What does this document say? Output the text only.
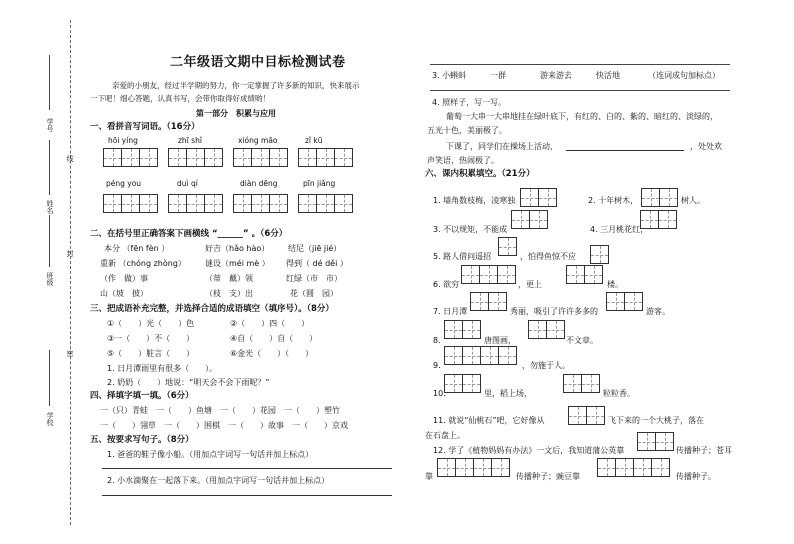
学号
线
姓名
封
班级
密
学校
二年级语文期中目标检测试卷
亲爱的小朋友，经过半学期的努力，你一定掌握了许多新的知识，快来展示
一下吧！细心答题，认真书写，会带你取得好成绩哟！
第一部分　积累与应用
一、看拼音写词语。（16分）
hōi yíng	zhī shǐ	xióng māo	zǐ kū
péng you	duì qí	diàn dēng	pīn jiǎng
二、在括号里正确答案下画横线 “______” 。（6分）
本分 （fēn fèn ）	好吉（hǎo hào） 结尼（jiē jié）
重新 （chóng zhòng） 谜设（méi mè ） 得到（ dé děi ）
（作　做）事	（蒂　戴）领	红绿（市　市）
山（坡　披）	（枝　支）出	花（圆　园）
三、把成语补充完整，并选择合适的成语填空（填序号）。（8分）
①（　　）光（　　）色	②（　　）四（　　）
③一（　　）不（　　）	④自（　　）自（　　）
⑤（　　）脏言（　　）	⑥金光（　　）（　　）
1. 日月潭雨里有很多（　　）。
2. 奶奶（　　）地说：“明天会不会下雨呢？”
四、择填字填一填。（6分）
一（只）青蛙　一（　　）鱼塘　一（　　）花园　一（　　）塑竹
一（　　）翎草　一（　　）围棋　一（　　）故事　一（　　）京戏
五、按要求写句子。（8分）
1. 爸爸的鞋子像小船。（用加点字词写一句话并加上标点）
2. 小水滴聚在一起落下来。（用加点字词写一句话并加上标点）
3. 小蝌蚪	一群	游来游去	快活地	（连词成句加标点）
4. 照样子，写一写。
葡萄一大串一大串地挂在绿叶底下，有红的、白的、紫的、暗红的、淡绿的，
五光十色，美丽极了。
下课了，同学们在操场上活动，	，处处欢
声笑语，热闹极了。
六、课内积累填空。（21分）
1. 墙角数枝梅，凌寒独	2. 十年树木，	树人。
3. 不以规矩，不能成	4. 三月桃花红，
5. 路人借问遥招	，怕得鱼惊不应
6. 欲穷	，更上	楼。
7. 日月潭	秀丽，吸引了许许多多的	游客。
8.	唐图画，	不文章。
9.	，勿施于人。
10.	里，稻上场，	粒粒香。
11. 就说“仙桃石”吧，它好像从	飞下来的一个大桃子，落在
在石盘上。
12. 学了《植物妈妈有办法》一文后，我知道蒲公英靠	传播种子；苍耳
靠	传播种子；豌豆靠	传播种子。
